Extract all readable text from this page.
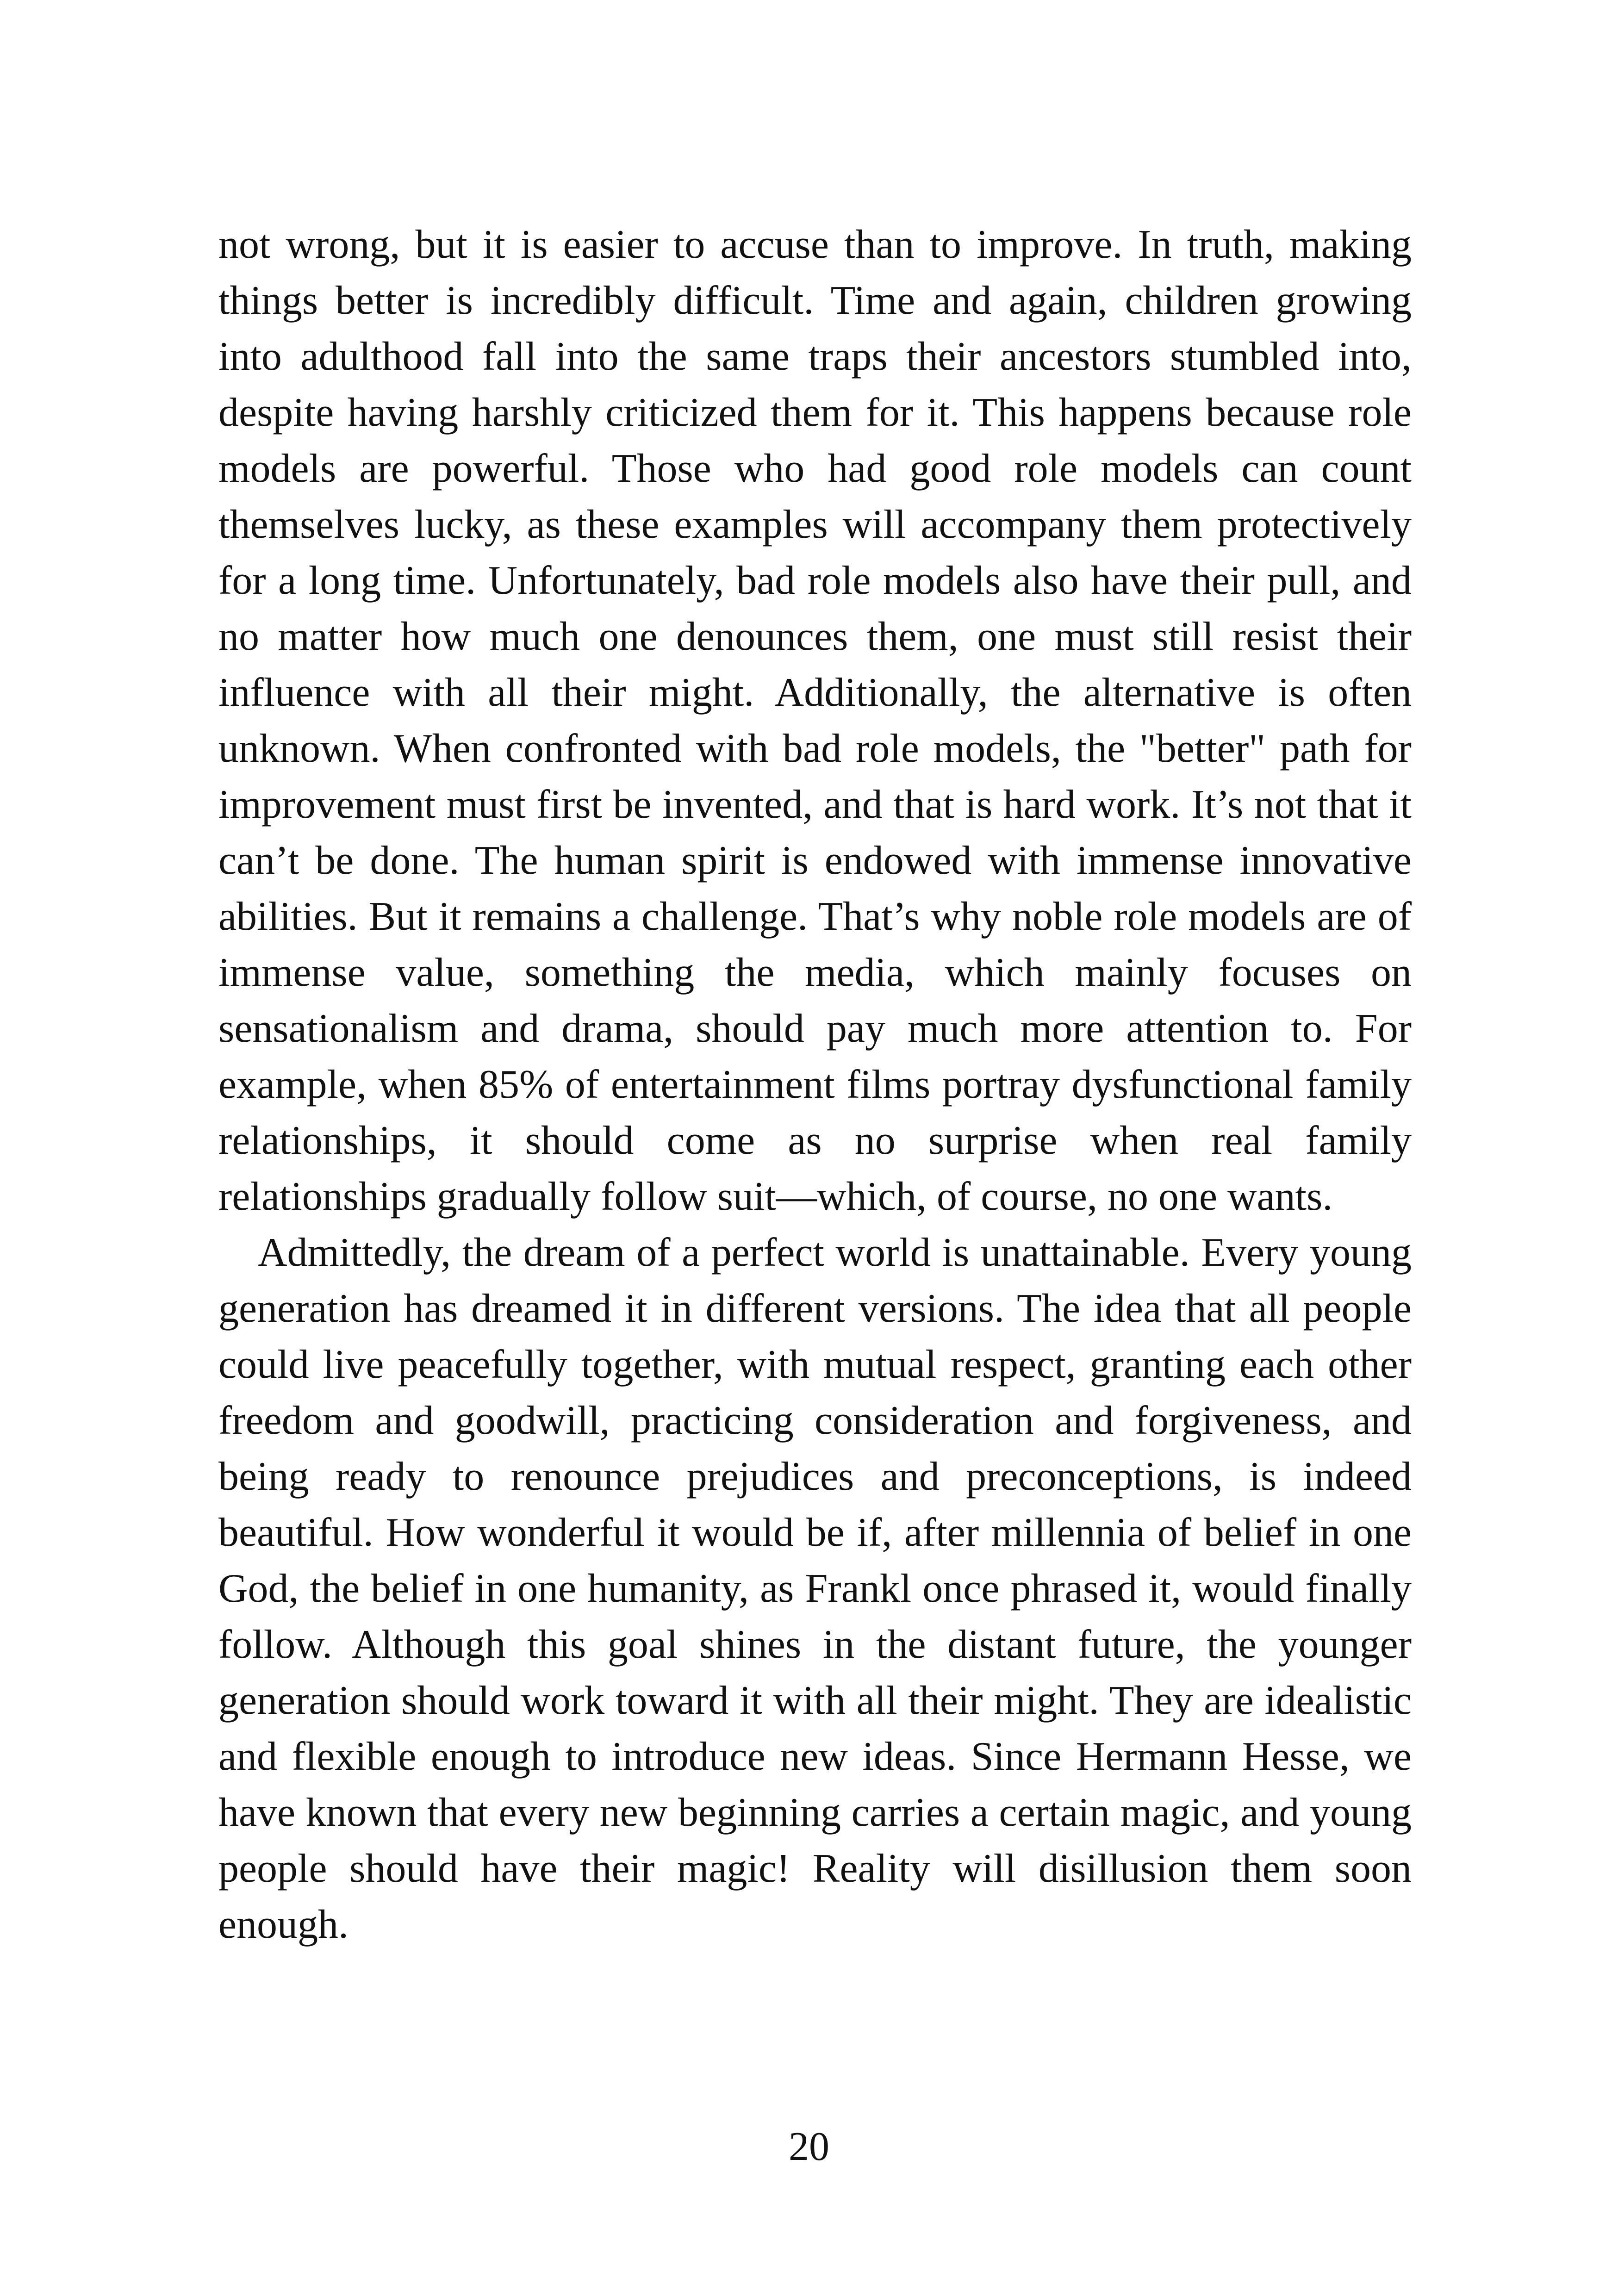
not wrong, but it is easier to accuse than to improve. In truth, making things better is incredibly difficult. Time and again, children growing into adulthood fall into the same traps their ancestors stumbled into, despite having harshly criticized them for it. This happens because role models are powerful. Those who had good role models can count themselves lucky, as these examples will accompany them protectively for a long time. Unfortunately, bad role models also have their pull, and no matter how much one denounces them, one must still resist their influence with all their might. Additionally, the alternative is often unknown. When confronted with bad role models, the "better" path for improvement must first be invented, and that is hard work. It’s not that it can’t be done. The human spirit is endowed with immense innovative abilities. But it remains a challenge. That’s why noble role models are of immense value, something the media, which mainly focuses on sensationalism and drama, should pay much more attention to. For example, when 85% of entertainment films portray dysfunctional family relationships, it should come as no surprise when real family relationships gradually follow suit—which, of course, no one wants.

Admittedly, the dream of a perfect world is unattainable. Every young generation has dreamed it in different versions. The idea that all people could live peacefully together, with mutual respect, granting each other freedom and goodwill, practicing consideration and forgiveness, and being ready to renounce prejudices and preconceptions, is indeed beautiful. How wonderful it would be if, after millennia of belief in one God, the belief in one humanity, as Frankl once phrased it, would finally follow. Although this goal shines in the distant future, the younger generation should work toward it with all their might. They are idealistic and flexible enough to introduce new ideas. Since Hermann Hesse, we have known that every new beginning carries a certain magic, and young people should have their magic! Reality will disillusion them soon enough.

20
